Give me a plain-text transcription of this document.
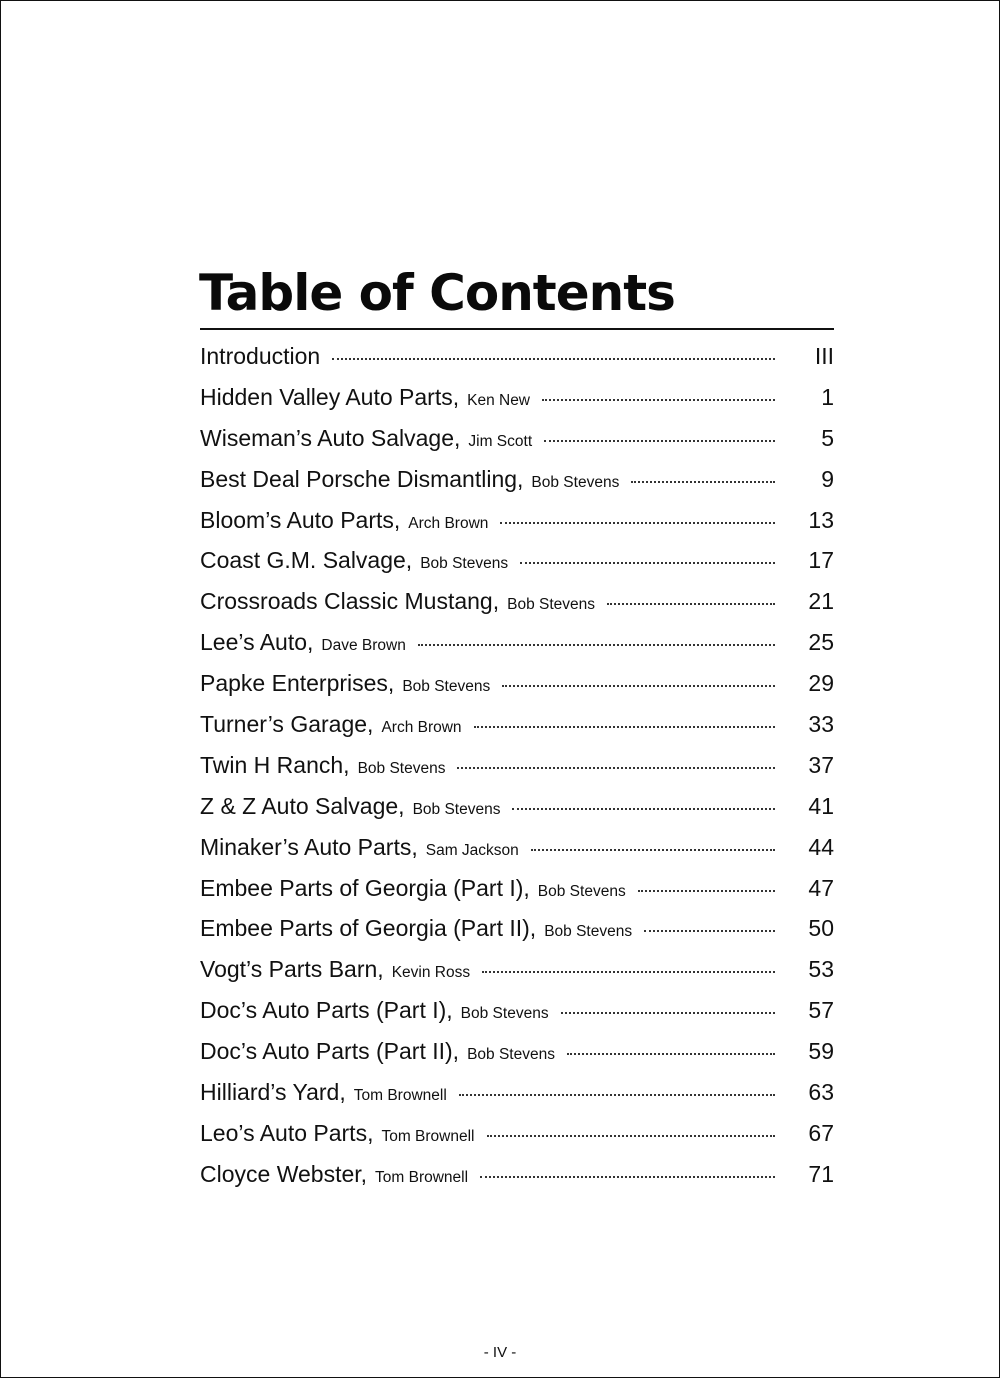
Table of Contents
Introduction	III
Hidden Valley Auto Parts, Ken New	1
Wiseman’s Auto Salvage, Jim Scott	5
Best Deal Porsche Dismantling, Bob Stevens	9
Bloom’s Auto Parts, Arch Brown	13
Coast G.M. Salvage, Bob Stevens	17
Crossroads Classic Mustang, Bob Stevens	21
Lee’s Auto, Dave Brown	25
Papke Enterprises, Bob Stevens	29
Turner’s Garage, Arch Brown	33
Twin H Ranch, Bob Stevens	37
Z & Z Auto Salvage, Bob Stevens	41
Minaker’s Auto Parts, Sam Jackson	44
Embee Parts of Georgia (Part I), Bob Stevens	47
Embee Parts of Georgia (Part II), Bob Stevens	50
Vogt’s Parts Barn, Kevin Ross	53
Doc’s Auto Parts (Part I), Bob Stevens	57
Doc’s Auto Parts (Part II), Bob Stevens	59
Hilliard’s Yard, Tom Brownell	63
Leo’s Auto Parts, Tom Brownell	67
Cloyce Webster, Tom Brownell	71
- IV -
